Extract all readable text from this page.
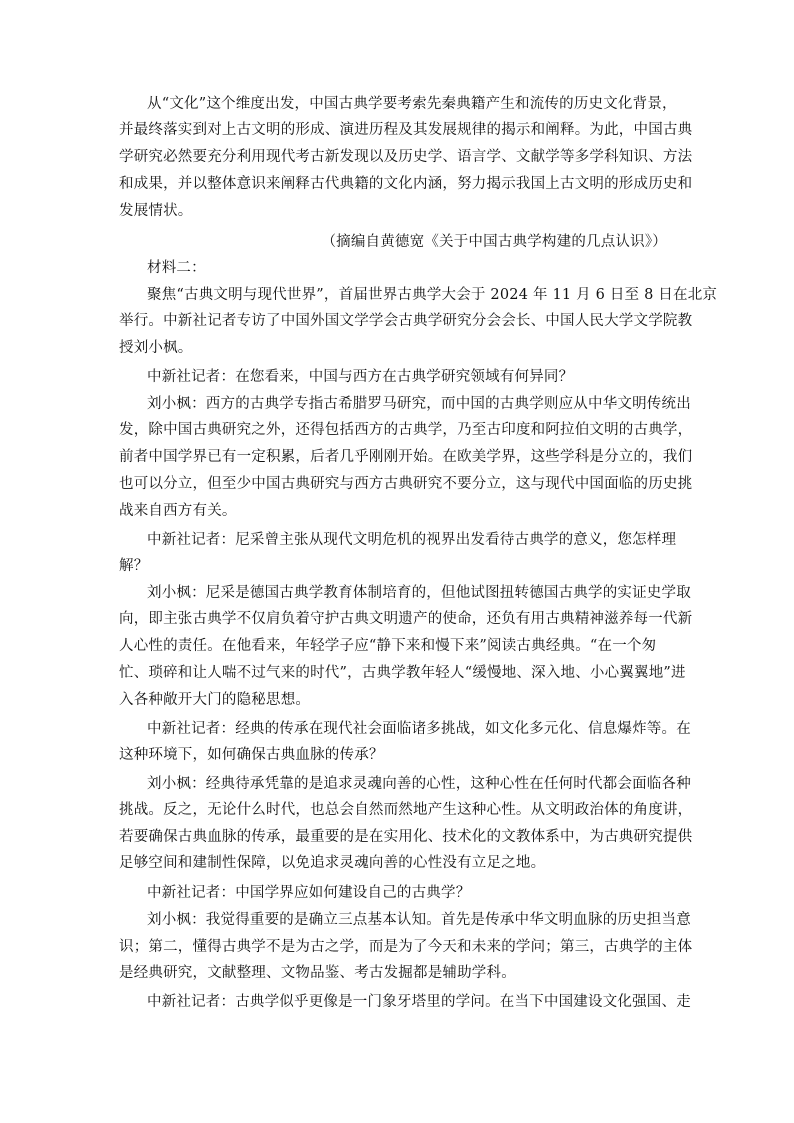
从“文化”这个维度出发，中国古典学要考索先秦典籍产生和流传的历史文化背景，
并最终落实到对上古文明的形成、演进历程及其发展规律的揭示和阐释。为此，中国古典
学研究必然要充分利用现代考古新发现以及历史学、语言学、文献学等多学科知识、方法
和成果，并以整体意识来阐释古代典籍的文化内涵，努力揭示我国上古文明的形成历史和
发展情状。
（摘编自黄德宽《关于中国古典学构建的几点认识》）
材料二：
聚焦“古典文明与现代世界”，首届世界古典学大会于 2024 年 11 月 6 日至 8 日在北京
举行。中新社记者专访了中国外国文学学会古典学研究分会会长、中国人民大学文学院教
授刘小枫。
中新社记者：在您看来，中国与西方在古典学研究领域有何异同？
刘小枫：西方的古典学专指古希腊罗马研究，而中国的古典学则应从中华文明传统出
发，除中国古典研究之外，还得包括西方的古典学，乃至古印度和阿拉伯文明的古典学，
前者中国学界已有一定积累，后者几乎刚刚开始。在欧美学界，这些学科是分立的，我们
也可以分立，但至少中国古典研究与西方古典研究不要分立，这与现代中国面临的历史挑
战来自西方有关。
中新社记者：尼采曾主张从现代文明危机的视界出发看待古典学的意义，您怎样理
解？
刘小枫：尼采是德国古典学教育体制培育的，但他试图扭转德国古典学的实证史学取
向，即主张古典学不仅肩负着守护古典文明遗产的使命，还负有用古典精神滋养每一代新
人心性的责任。在他看来，年轻学子应“静下来和慢下来”阅读古典经典。“在一个匆
忙、琐碎和让人喘不过气来的时代”，古典学教年轻人“缓慢地、深入地、小心翼翼地”进
入各种敞开大门的隐秘思想。
中新社记者：经典的传承在现代社会面临诸多挑战，如文化多元化、信息爆炸等。在
这种环境下，如何确保古典血脉的传承？
刘小枫：经典待承凭靠的是追求灵魂向善的心性，这种心性在任何时代都会面临各种
挑战。反之，无论什么时代，也总会自然而然地产生这种心性。从文明政治体的角度讲，
若要确保古典血脉的传承，最重要的是在实用化、技术化的文教体系中，为古典研究提供
足够空间和建制性保障，以免追求灵魂向善的心性没有立足之地。
中新社记者：中国学界应如何建设自己的古典学？
刘小枫：我觉得重要的是确立三点基本认知。首先是传承中华文明血脉的历史担当意
识；第二，懂得古典学不是为古之学，而是为了今天和未来的学问；第三，古典学的主体
是经典研究，文献整理、文物品鉴、考古发掘都是辅助学科。
中新社记者：古典学似乎更像是一门象牙塔里的学问。在当下中国建设文化强国、走
